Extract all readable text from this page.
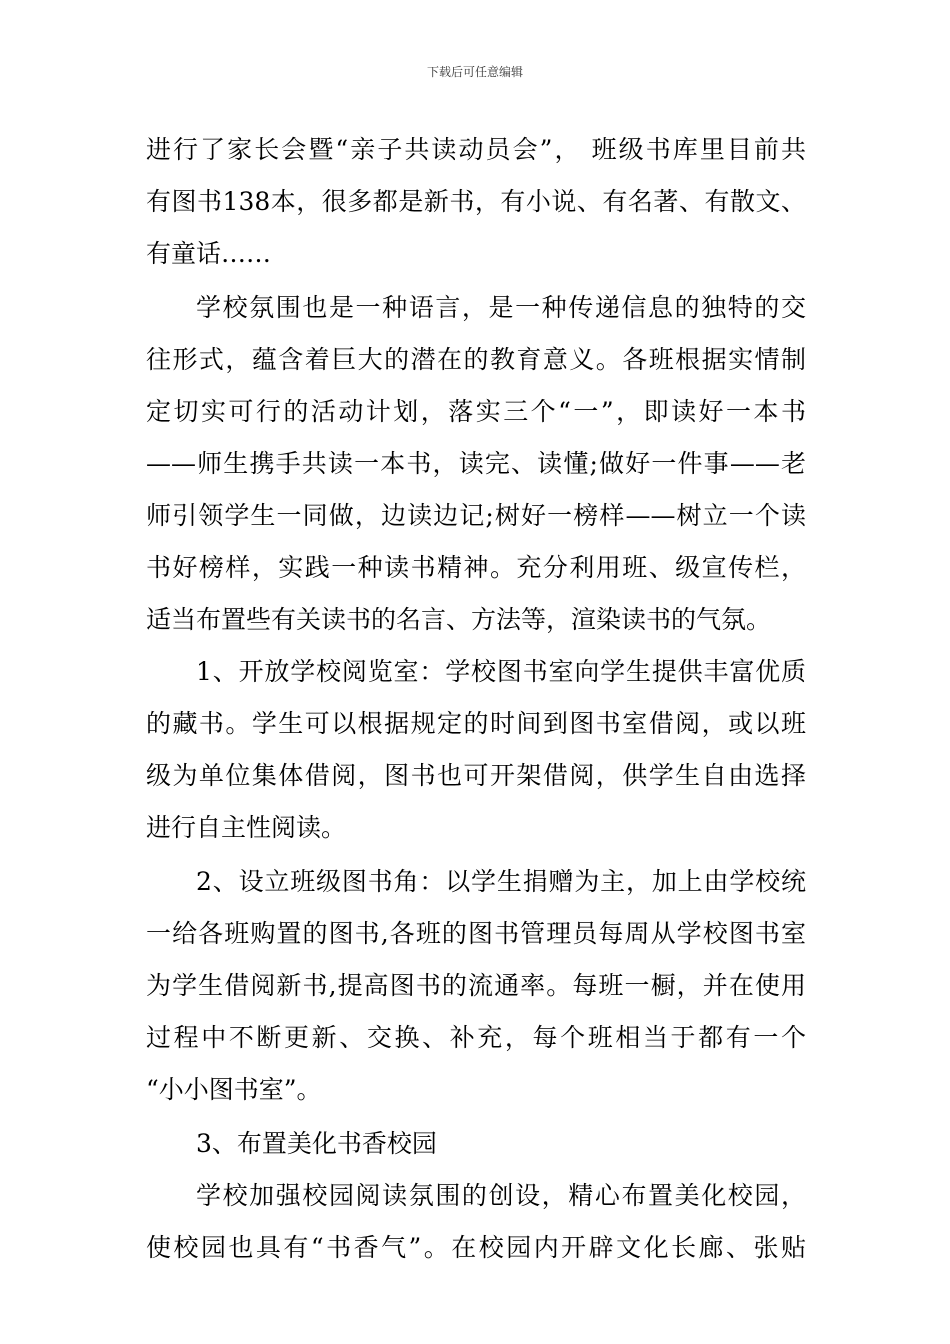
下载后可任意编辑
进行了家长会暨“亲子共读动员会”， 班级书库里目前共
有图书138本，很多都是新书，有小说、有名著、有散文、
有童话……
学校氛围也是一种语言，是一种传递信息的独特的交
往形式，蕴含着巨大的潜在的教育意义。各班根据实情制
定切实可行的活动计划，落实三个“一”，即读好一本书
——师生携手共读一本书，读完、读懂;做好一件事——老
师引领学生一同做，边读边记;树好一榜样——树立一个读
书好榜样，实践一种读书精神。充分利用班、级宣传栏，
适当布置些有关读书的名言、方法等，渲染读书的气氛。
1、开放学校阅览室：学校图书室向学生提供丰富优质
的藏书。学生可以根据规定的时间到图书室借阅，或以班
级为单位集体借阅，图书也可开架借阅，供学生自由选择
进行自主性阅读。
2、设立班级图书角：以学生捐赠为主，加上由学校统
一给各班购置的图书,各班的图书管理员每周从学校图书室
为学生借阅新书,提高图书的流通率。每班一橱，并在使用
过程中不断更新、交换、补充，每个班相当于都有一个
“小小图书室”。
3、布置美化书香校园
学校加强校园阅读氛围的创设，精心布置美化校园，
使校园也具有“书香气”。在校园内开辟文化长廊、张贴
